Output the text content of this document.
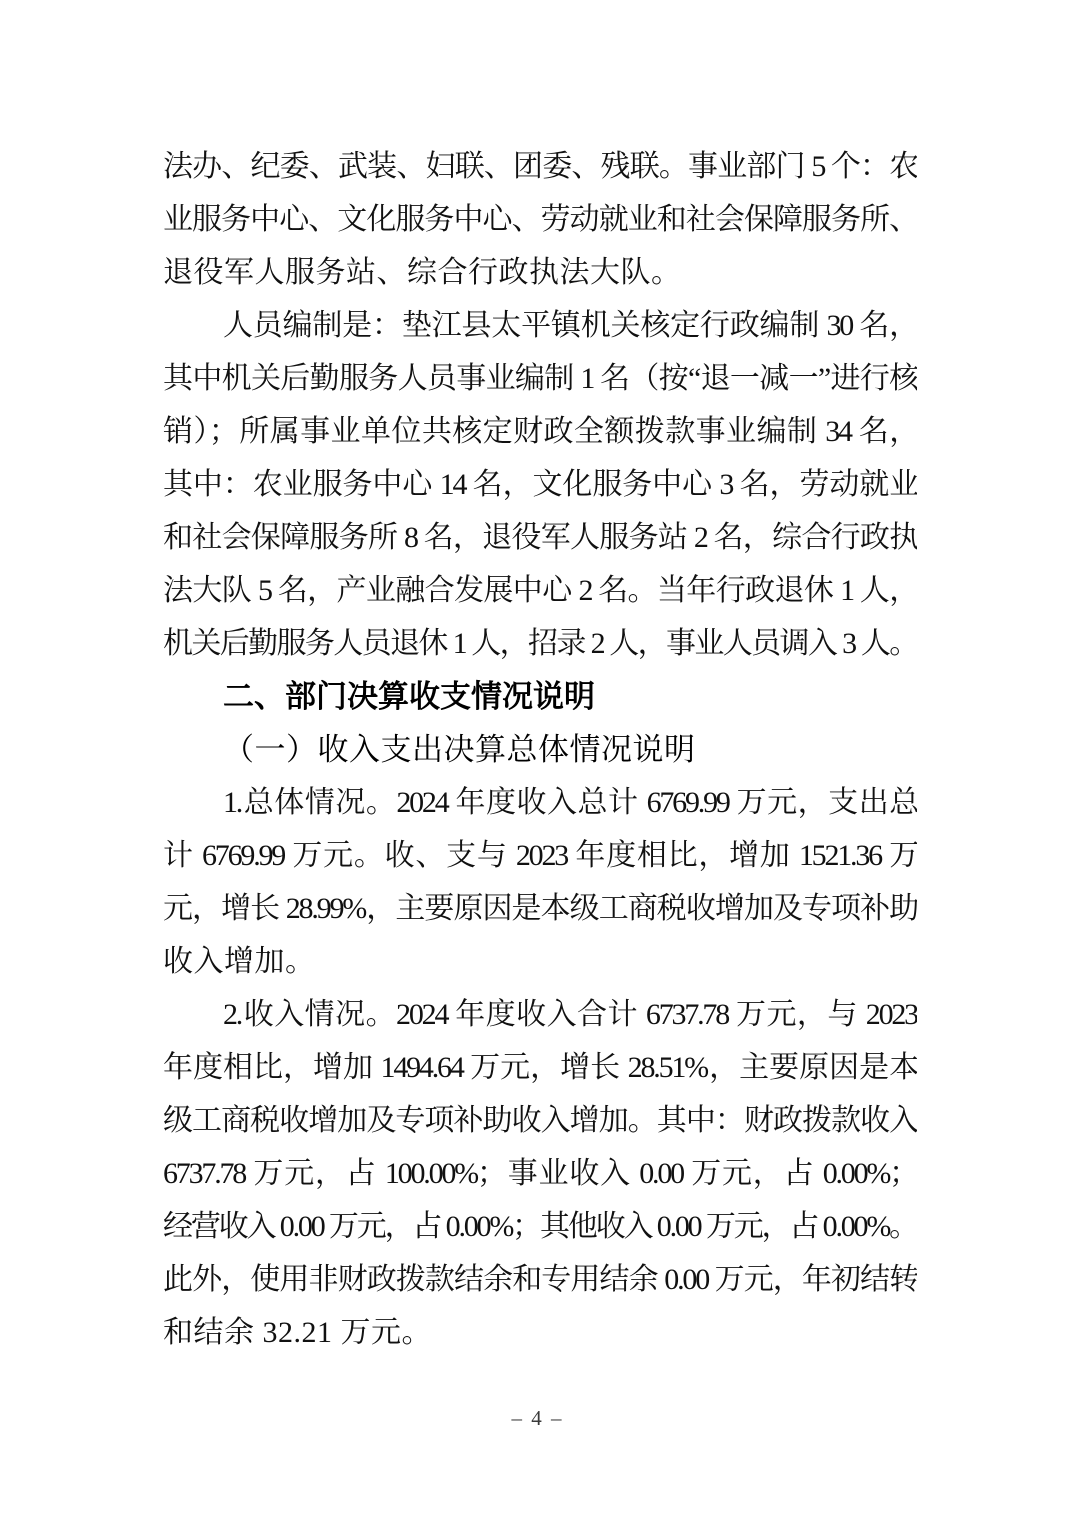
法办、纪委、武装、妇联、团委、残联。事业部门 5 个：农
业服务中心、文化服务中心、劳动就业和社会保障服务所、
退役军人服务站、综合行政执法大队。
人员编制是：垫江县太平镇机关核定行政编制 30 名，
其中机关后勤服务人员事业编制 1 名（按“退一减一”进行核
销）；所属事业单位共核定财政全额拨款事业编制 34 名，
其中：农业服务中心 14 名，文化服务中心 3 名，劳动就业
和社会保障服务所 8 名，退役军人服务站 2 名，综合行政执
法大队 5 名，产业融合发展中心 2 名。当年行政退休 1 人，
机关后勤服务人员退休 1 人，招录 2 人，事业人员调入 3 人。
二、部门决算收支情况说明
（一）收入支出决算总体情况说明
1.总体情况。2024 年度收入总计 6769.99 万元，支出总
计 6769.99 万元。收、支与 2023 年度相比，增加 1521.36 万
元，增长 28.99%，主要原因是本级工商税收增加及专项补助
收入增加。
2.收入情况。2024 年度收入合计 6737.78 万元，与 2023
年度相比，增加 1494.64 万元，增长 28.51%，主要原因是本
级工商税收增加及专项补助收入增加。其中：财政拨款收入
6737.78 万元，占 100.00%；事业收入 0.00 万元，占 0.00%；
经营收入 0.00 万元，占 0.00%；其他收入 0.00 万元，占 0.00%。
此外，使用非财政拨款结余和专用结余 0.00 万元，年初结转
和结余 32.21 万元。
– 4 –
